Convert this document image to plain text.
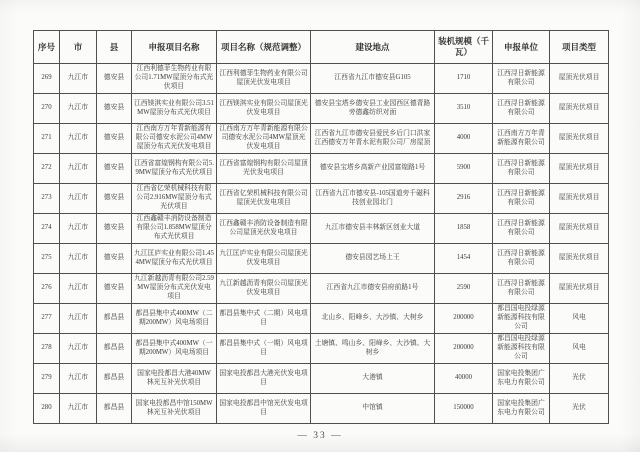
序号	市	县	申报项目名称	项目名称（规范调整）	建设地点	装机规模（千瓦）	申报单位	项目类型
269	九江市	德安县	江西利德菲生物药业有限公司1.71MW屋顶分布式光伏项目	江西利德菲生物药业有限公司屋顶光伏发电项目	江西省九江市德安县G105	1710	江西浔日新能源有限公司	屋顶光伏项目
270	九江市	德安县	江西镁淇实业有限公司3.51MW屋顶分布式光伏项目	江西镁淇实业有限公司屋顶光伏发电项目	德安县宝塔乡德安县工业园西区德青路旁德鑫纺织对面	3510	江西浔日新能源有限公司	屋顶光伏项目
271	九江市	德安县	江西南方万年青新能源有限公司德安水泥公司4MW屋顶分布式光伏发电项目	江西南方万年青新能源有限公司德安水泥公司4MW屋顶光伏发电项目	江西省九江市德安县爱民乡后门口洪家江西德安万年青水泥有限公司厂房屋顶	4000	江西南方万年青新能源有限公司	屋顶光伏项目
272	九江市	德安县	江西省富煌钢构有限公司5.9MW屋顶分布式光伏项目	江西省富煌钢构有限公司屋顶光伏发电项目	德安县宝塔乡高新产业园富煌路1号	5900	江西浔日新能源有限公司	屋顶光伏项目
273	九江市	德安县	江西省亿荣机械科技有限公司2.916MW屋顶分布式光伏项目	江西省亿荣机械科技有限公司屋顶光伏发电项目	江西省九江市德安县-105国道旁千磁科技创业园北门	2916	江西浔日新能源有限公司	屋顶光伏项目
274	九江市	德安县	江西鑫赣丰消防设备制造有限公司1.858MW屋顶分布式光伏项目	江西鑫赣丰消防设备制造有限公司屋顶光伏发电项目	九江市德安县丰林新区创业大道	1858	江西浔日新能源有限公司	屋顶光伏项目
275	九江市	德安县	九江匡庐实业有限公司1.454MW屋顶分布式光伏项目	九江匡庐实业有限公司屋顶光伏发电项目	德安县园艺场上王	1454	江西浔日新能源有限公司	屋顶光伏项目
276	九江市	德安县	九江新越沥青有限公司2.59MW屋顶分布式光伏发电项目	九江新越沥青有限公司屋顶光伏发电项目	江西省九江市德安县府前路1号	2590	江西浔日新能源有限公司	屋顶光伏项目
277	九江市	都昌县	都昌县集中式400MW（二期200MW）风电场项目	都昌县集中式（二期）风电项目	北山乡、阳峰乡、大沙镇、大树乡	200000	都昌国电投绿源新能源科技有限公司	风电
278	九江市	都昌县	都昌县集中式400MW（一期200MW）风电场项目	都昌县集中式（一期）风电项目	土塘镇、鸣山乡、阳峰乡、大沙镇、大树乡	200000	都昌国电投绿源新能源科技有限公司	风电
279	九江市	都昌县	国家电投都昌大港40MW林光互补光伏项目	国家电投都昌大港光伏发电项目	大港镇	40000	国家电投集团广东电力有限公司	光伏
280	九江市	都昌县	国家电投都昌中馆150MW林光互补光伏项目	国家电投都昌中馆光伏发电项目	中馆镇	150000	国家电投集团广东电力有限公司	光伏
— 33 —
